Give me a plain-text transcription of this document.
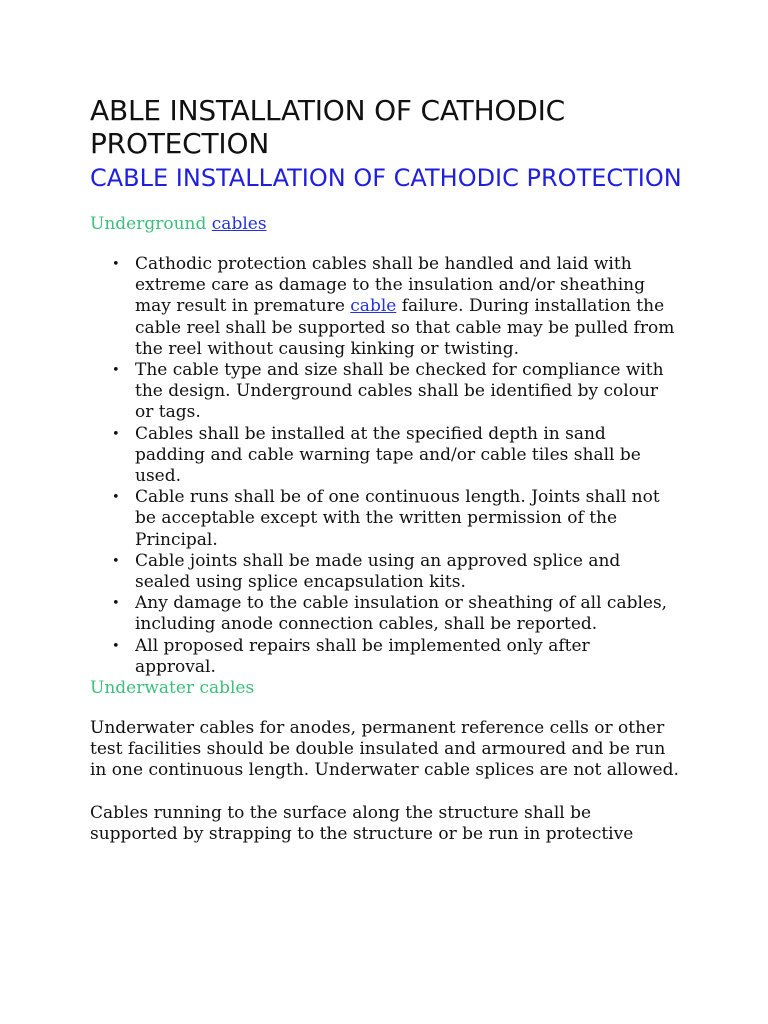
ABLE INSTALLATION OF CATHODIC PROTECTION
CABLE INSTALLATION OF CATHODIC PROTECTION

Underground cables

• Cathodic protection cables shall be handled and laid with extreme care as damage to the insulation and/or sheathing may result in premature cable failure. During installation the cable reel shall be supported so that cable may be pulled from the reel without causing kinking or twisting.
• The cable type and size shall be checked for compliance with the design. Underground cables shall be identified by colour or tags.
• Cables shall be installed at the specified depth in sand padding and cable warning tape and/or cable tiles shall be used.
• Cable runs shall be of one continuous length. Joints shall not be acceptable except with the written permission of the Principal.
• Cable joints shall be made using an approved splice and sealed using splice encapsulation kits.
• Any damage to the cable insulation or sheathing of all cables, including anode connection cables, shall be reported.
• All proposed repairs shall be implemented only after approval.

Underwater cables

Underwater cables for anodes, permanent reference cells or other test facilities should be double insulated and armoured and be run in one continuous length. Underwater cable splices are not allowed.

Cables running to the surface along the structure shall be supported by strapping to the structure or be run in protective
